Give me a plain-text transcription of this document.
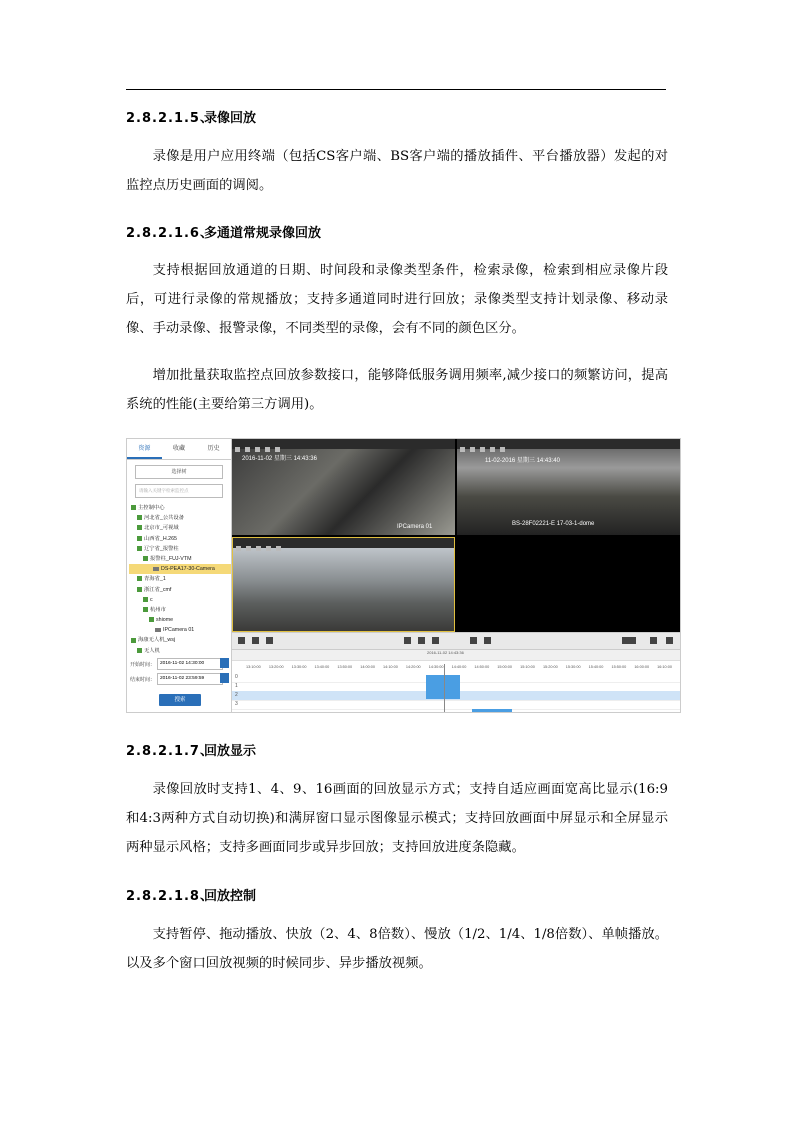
2.8.2.1.5、录像回放

录像是用户应用终端（包括CS客户端、BS客户端的播放插件、平台播放器）发起的对监控点历史画面的调阅。

2.8.2.1.6、多通道常规录像回放

支持根据回放通道的日期、时间段和录像类型条件，检索录像，检索到相应录像片段后，可进行录像的常规播放；支持多通道同时进行回放；录像类型支持计划录像、移动录像、手动录像、报警录像，不同类型的录像，会有不同的颜色区分。

增加批量获取监控点回放参数接口，能够降低服务调用频率,减少接口的频繁访问，提高系统的性能(主要给第三方调用)。

资源	收藏	历史
选择树
请输入关键字检索监控点
主控制中心
河北省_公共设备
北京市_可视域
山西省_H.265
辽宁省_报警柱
报警柱_FUJ-VTM
DS-PEA17-30-Camera
青海省_1
浙江省_cmf
c
杭州市
shiome
IPCamera 01
海康无人机_wsj
无人机
开始时间：	2016-11-02 14:30:00
结束时间：	2016-11-02 23:59:59
搜索
2016-11-02 星期三 14:43:36	11-02-2016 星期三 14:43:40
BS-28F02221-E 17-03-1-dome
IPCamera 01
2016-11-02 14:43:36
13:10:00 13:20:00 13:30:00 13:40:00 13:50:00 14:00:00 14:10:00 14:20:00 14:30:00 14:40:00 14:50:00 15:00:00 15:10:00 15:20:00 15:30:00 15:40:00 15:50:00 16:00:00 16:10:00
0
1
2
3
2.8.2.1.7、回放显示

录像回放时支持1、4、9、16画面的回放显示方式；支持自适应画面宽高比显示(16:9和4:3两种方式自动切换)和满屏窗口显示图像显示模式；支持回放画面中屏显示和全屏显示两种显示风格；支持多画面同步或异步回放；支持回放进度条隐藏。

2.8.2.1.8、回放控制

支持暂停、拖动播放、快放（2、4、8倍数）、慢放（1/2、1/4、1/8倍数）、单帧播放。以及多个窗口回放视频的时候同步、异步播放视频。
